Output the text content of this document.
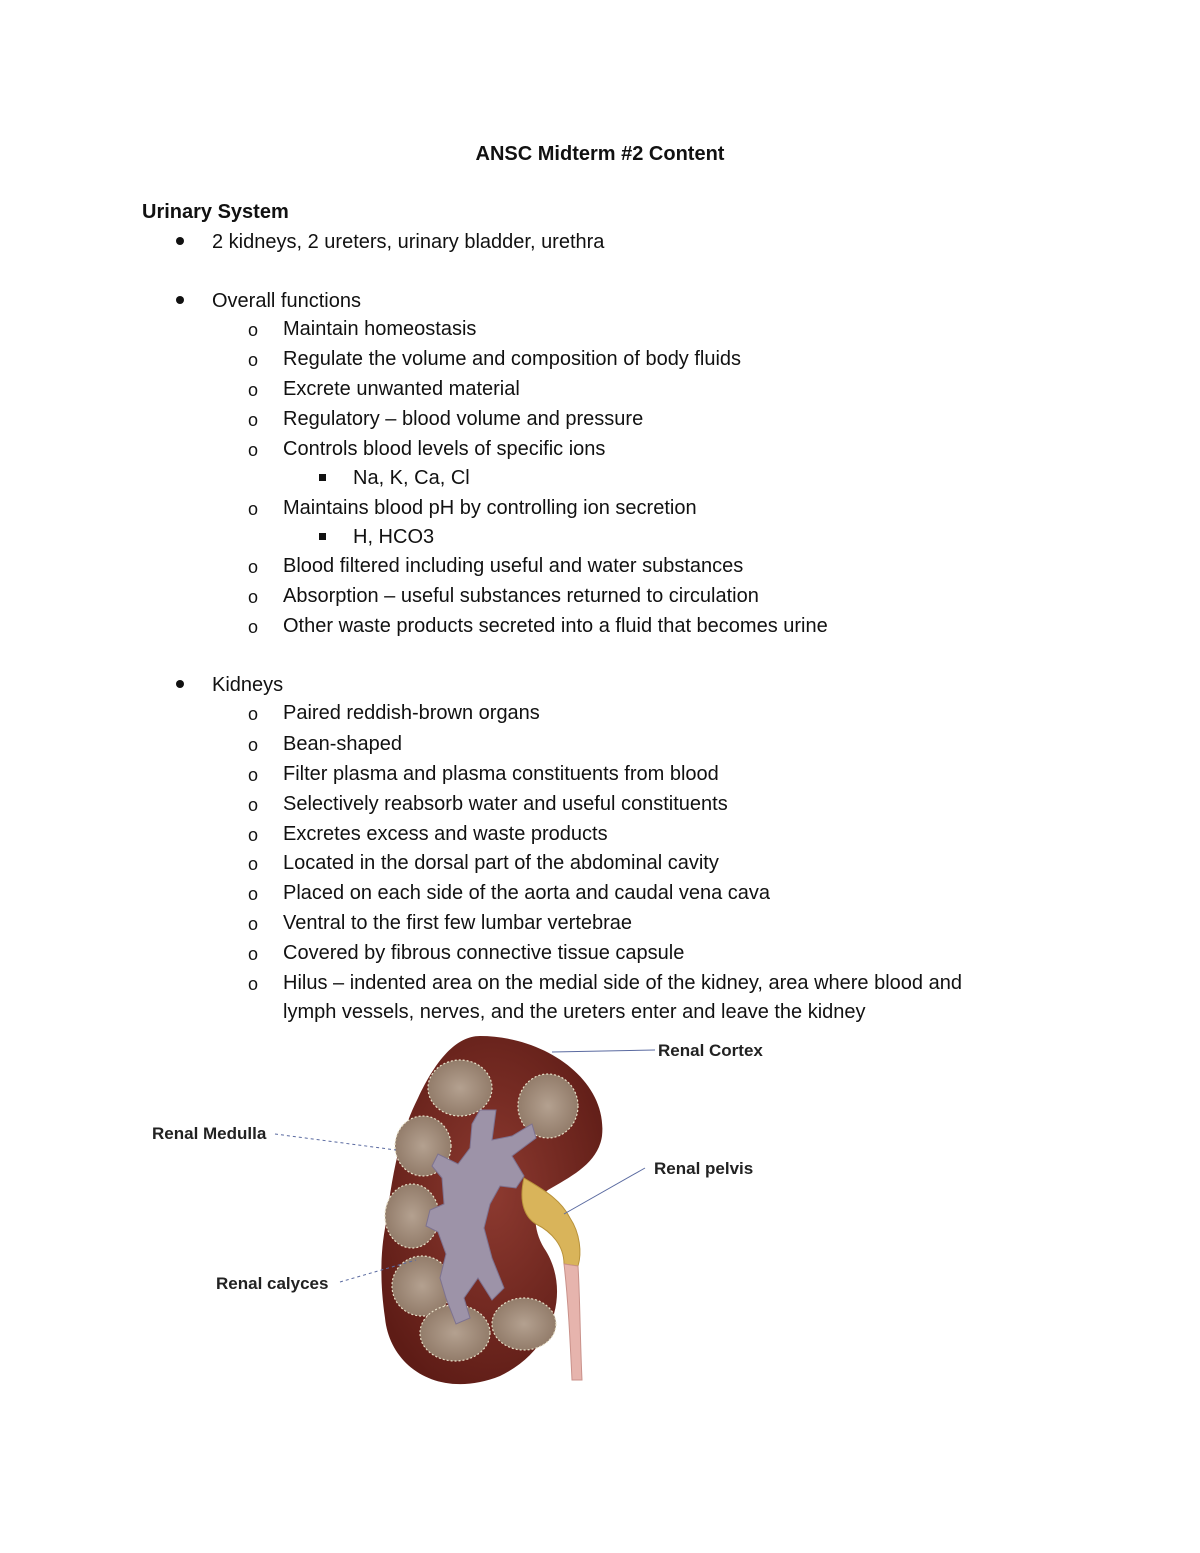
ANSC Midterm #2 Content
Urinary System
2 kidneys, 2 ureters, urinary bladder, urethra
Overall functions
o Maintain homeostasis
o Regulate the volume and composition of body fluids
o Excrete unwanted material
o Regulatory – blood volume and pressure
o Controls blood levels of specific ions
Na, K, Ca, Cl
o Maintains blood pH by controlling ion secretion
H, HCO3
o Blood filtered including useful and water substances
o Absorption – useful substances returned to circulation
o Other waste products secreted into a fluid that becomes urine
Kidneys
o Paired reddish-brown organs
o Bean-shaped
o Filter plasma and plasma constituents from blood
o Selectively reabsorb water and useful constituents
o Excretes excess and waste products
o Located in the dorsal part of the abdominal cavity
o Placed on each side of the aorta and caudal vena cava
o Ventral to the first few lumbar vertebrae
o Covered by fibrous connective tissue capsule
o Hilus – indented area on the medial side of the kidney, area where blood and
lymph vessels, nerves, and the ureters enter and leave the kidney
Renal Cortex
Renal Medulla
Renal pelvis
Renal calyces
